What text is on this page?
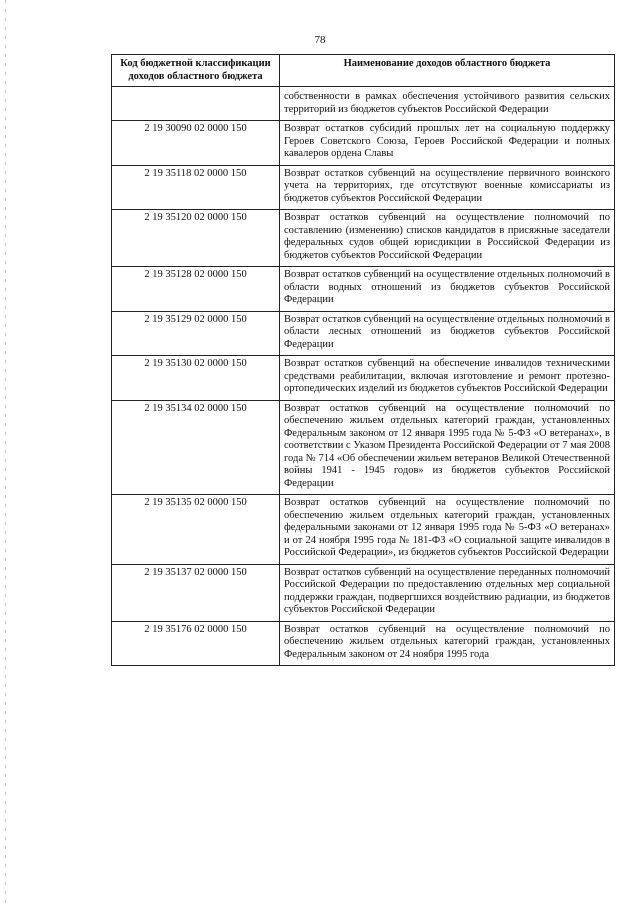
78
Код бюджетной классификации доходов областного бюджета	Наименование доходов областного бюджета
	собственности в рамках обеспечения устойчивого развития сельских территорий из бюджетов субъектов Российской Федерации
2 19 30090 02 0000 150	Возврат остатков субсидий прошлых лет на социальную поддержку Героев Советского Союза, Героев Российской Федерации и полных кавалеров ордена Славы
2 19 35118 02 0000 150	Возврат остатков субвенций на осуществление первичного воинского учета на территориях, где отсутствуют военные комиссариаты из бюджетов субъектов Российской Федерации
2 19 35120 02 0000 150	Возврат остатков субвенций на осуществление полномочий по составлению (изменению) списков кандидатов в присяжные заседатели федеральных судов общей юрисдикции в Российской Федерации из бюджетов субъектов Российской Федерации
2 19 35128 02 0000 150	Возврат остатков субвенций на осуществление отдельных полномочий в области водных отношений из бюджетов субъектов Российской Федерации
2 19 35129 02 0000 150	Возврат остатков субвенций на осуществление отдельных полномочий в области лесных отношений из бюджетов субъектов Российской Федерации
2 19 35130 02 0000 150	Возврат остатков субвенций на обеспечение инвалидов техническими средствами реабилитации, включая изготовление и ремонт протезно-ортопедических изделий из бюджетов субъектов Российской Федерации
2 19 35134 02 0000 150	Возврат остатков субвенций на осуществление полномочий по обеспечению жильем отдельных категорий граждан, установленных Федеральным законом от 12 января 1995 года № 5-ФЗ «О ветеранах», в соответствии с Указом Президента Российской Федерации от 7 мая 2008 года № 714 «Об обеспечении жильем ветеранов Великой Отечественной войны 1941 - 1945 годов» из бюджетов субъектов Российской Федерации
2 19 35135 02 0000 150	Возврат остатков субвенций на осуществление полномочий по обеспечению жильем отдельных категорий граждан, установленных федеральными законами от 12 января 1995 года № 5-ФЗ «О ветеранах» и от 24 ноября 1995 года № 181-ФЗ «О социальной защите инвалидов в Российской Федерации», из бюджетов субъектов Российской Федерации
2 19 35137 02 0000 150	Возврат остатков субвенций на осуществление переданных полномочий Российской Федерации по предоставлению отдельных мер социальной поддержки граждан, подвергшихся воздействию радиации, из бюджетов субъектов Российской Федерации
2 19 35176 02 0000 150	Возврат остатков субвенций на осуществление полномочий по обеспечению жильем отдельных категорий граждан, установленных Федеральным законом от 24 ноября 1995 года
